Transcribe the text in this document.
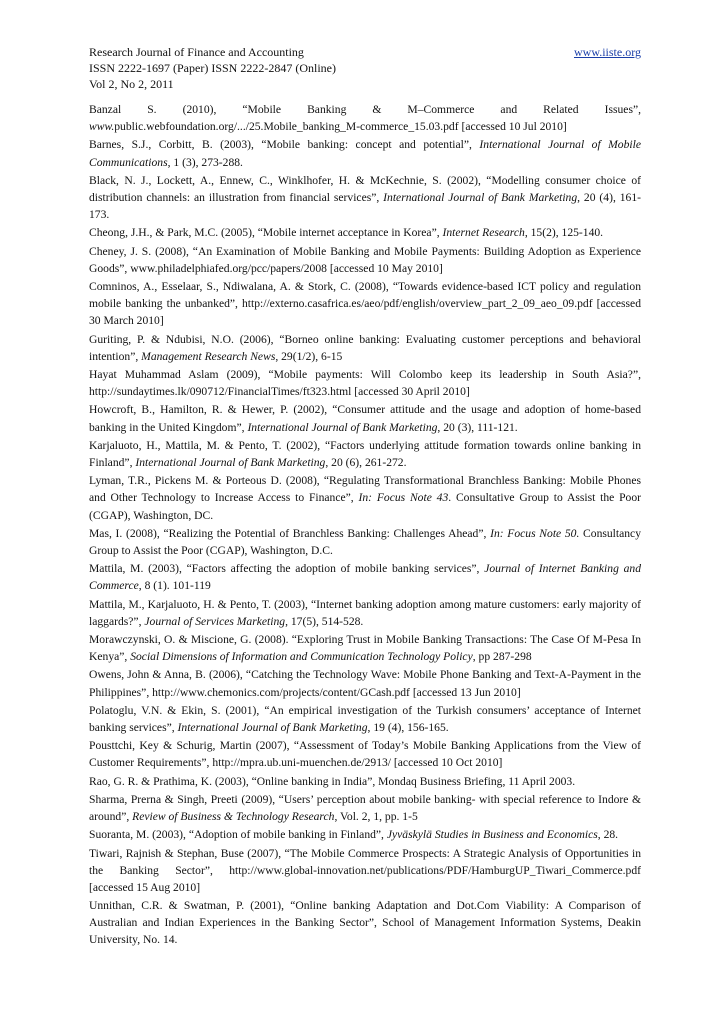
Research Journal of Finance and Accounting	www.iiste.org
ISSN 2222-1697 (Paper) ISSN 2222-2847 (Online)
Vol 2, No 2, 2011

Banzal S. (2010), “Mobile Banking & M–Commerce and Related Issues”, www.public.webfoundation.org/.../25.Mobile_banking_M-commerce_15.03.pdf [accessed 10 Jul 2010]

Barnes, S.J., Corbitt, B. (2003), “Mobile banking: concept and potential”, International Journal of Mobile Communications, 1 (3), 273-288.

Black, N. J., Lockett, A., Ennew, C., Winklhofer, H. & McKechnie, S. (2002), “Modelling consumer choice of distribution channels: an illustration from financial services”, International Journal of Bank Marketing, 20 (4), 161-173.

Cheong, J.H., & Park, M.C. (2005), “Mobile internet acceptance in Korea”, Internet Research, 15(2), 125-140.

Cheney, J. S. (2008), “An Examination of Mobile Banking and Mobile Payments: Building Adoption as Experience Goods”, www.philadelphiafed.org/pcc/papers/2008 [accessed 10 May 2010]

Comninos, A., Esselaar, S., Ndiwalana, A. & Stork, C. (2008), “Towards evidence-based ICT policy and regulation mobile banking the unbanked”, http://externo.casafrica.es/aeo/pdf/english/overview_part_2_09_aeo_09.pdf [accessed 30 March 2010]

Guriting, P. & Ndubisi, N.O. (2006), “Borneo online banking: Evaluating customer perceptions and behavioral intention”, Management Research News, 29(1/2), 6-15

Hayat Muhammad Aslam (2009), “Mobile payments: Will Colombo keep its leadership in South Asia?”, http://sundaytimes.lk/090712/FinancialTimes/ft323.html [accessed 30 April 2010]

Howcroft, B., Hamilton, R. & Hewer, P. (2002), “Consumer attitude and the usage and adoption of home-based banking in the United Kingdom”, International Journal of Bank Marketing, 20 (3), 111-121.

Karjaluoto, H., Mattila, M. & Pento, T. (2002), “Factors underlying attitude formation towards online banking in Finland”, International Journal of Bank Marketing, 20 (6), 261-272.

Lyman, T.R., Pickens M. & Porteous D. (2008), “Regulating Transformational Branchless Banking: Mobile Phones and Other Technology to Increase Access to Finance”, In: Focus Note 43. Consultative Group to Assist the Poor (CGAP), Washington, DC.

Mas, I. (2008), “Realizing the Potential of Branchless Banking: Challenges Ahead”, In: Focus Note 50. Consultancy Group to Assist the Poor (CGAP), Washington, D.C.

Mattila, M. (2003), “Factors affecting the adoption of mobile banking services”, Journal of Internet Banking and Commerce, 8 (1). 101-119

Mattila, M., Karjaluoto, H. & Pento, T. (2003), “Internet banking adoption among mature customers: early majority of laggards?”, Journal of Services Marketing, 17(5), 514-528.

Morawczynski, O. & Miscione, G. (2008). “Exploring Trust in Mobile Banking Transactions: The Case Of M-Pesa In Kenya”, Social Dimensions of Information and Communication Technology Policy, pp 287-298

Owens, John & Anna, B. (2006), “Catching the Technology Wave: Mobile Phone Banking and Text-A-Payment in the Philippines”, http://www.chemonics.com/projects/content/GCash.pdf [accessed 13 Jun 2010]

Polatoglu, V.N. & Ekin, S. (2001), “An empirical investigation of the Turkish consumers’ acceptance of Internet banking services”, International Journal of Bank Marketing, 19 (4), 156-165.

Pousttchi, Key & Schurig, Martin (2007), “Assessment of Today’s Mobile Banking Applications from the View of Customer Requirements”, http://mpra.ub.uni-muenchen.de/2913/ [accessed 10 Oct 2010]

Rao, G. R. & Prathima, K. (2003), “Online banking in India”, Mondaq Business Briefing, 11 April 2003.

Sharma, Prerna & Singh, Preeti (2009), “Users’ perception about mobile banking- with special reference to Indore & around”, Review of Business & Technology Research, Vol. 2, 1, pp. 1-5

Suoranta, M. (2003), “Adoption of mobile banking in Finland”, Jyväskylä Studies in Business and Economics, 28.

Tiwari, Rajnish & Stephan, Buse (2007), “The Mobile Commerce Prospects: A Strategic Analysis of Opportunities in the Banking Sector”, http://www.global-innovation.net/publications/PDF/HamburgUP_Tiwari_Commerce.pdf [accessed 15 Aug 2010]

Unnithan, C.R. & Swatman, P. (2001), “Online banking Adaptation and Dot.Com Viability: A Comparison of Australian and Indian Experiences in the Banking Sector”, School of Management Information Systems, Deakin University, No. 14.
